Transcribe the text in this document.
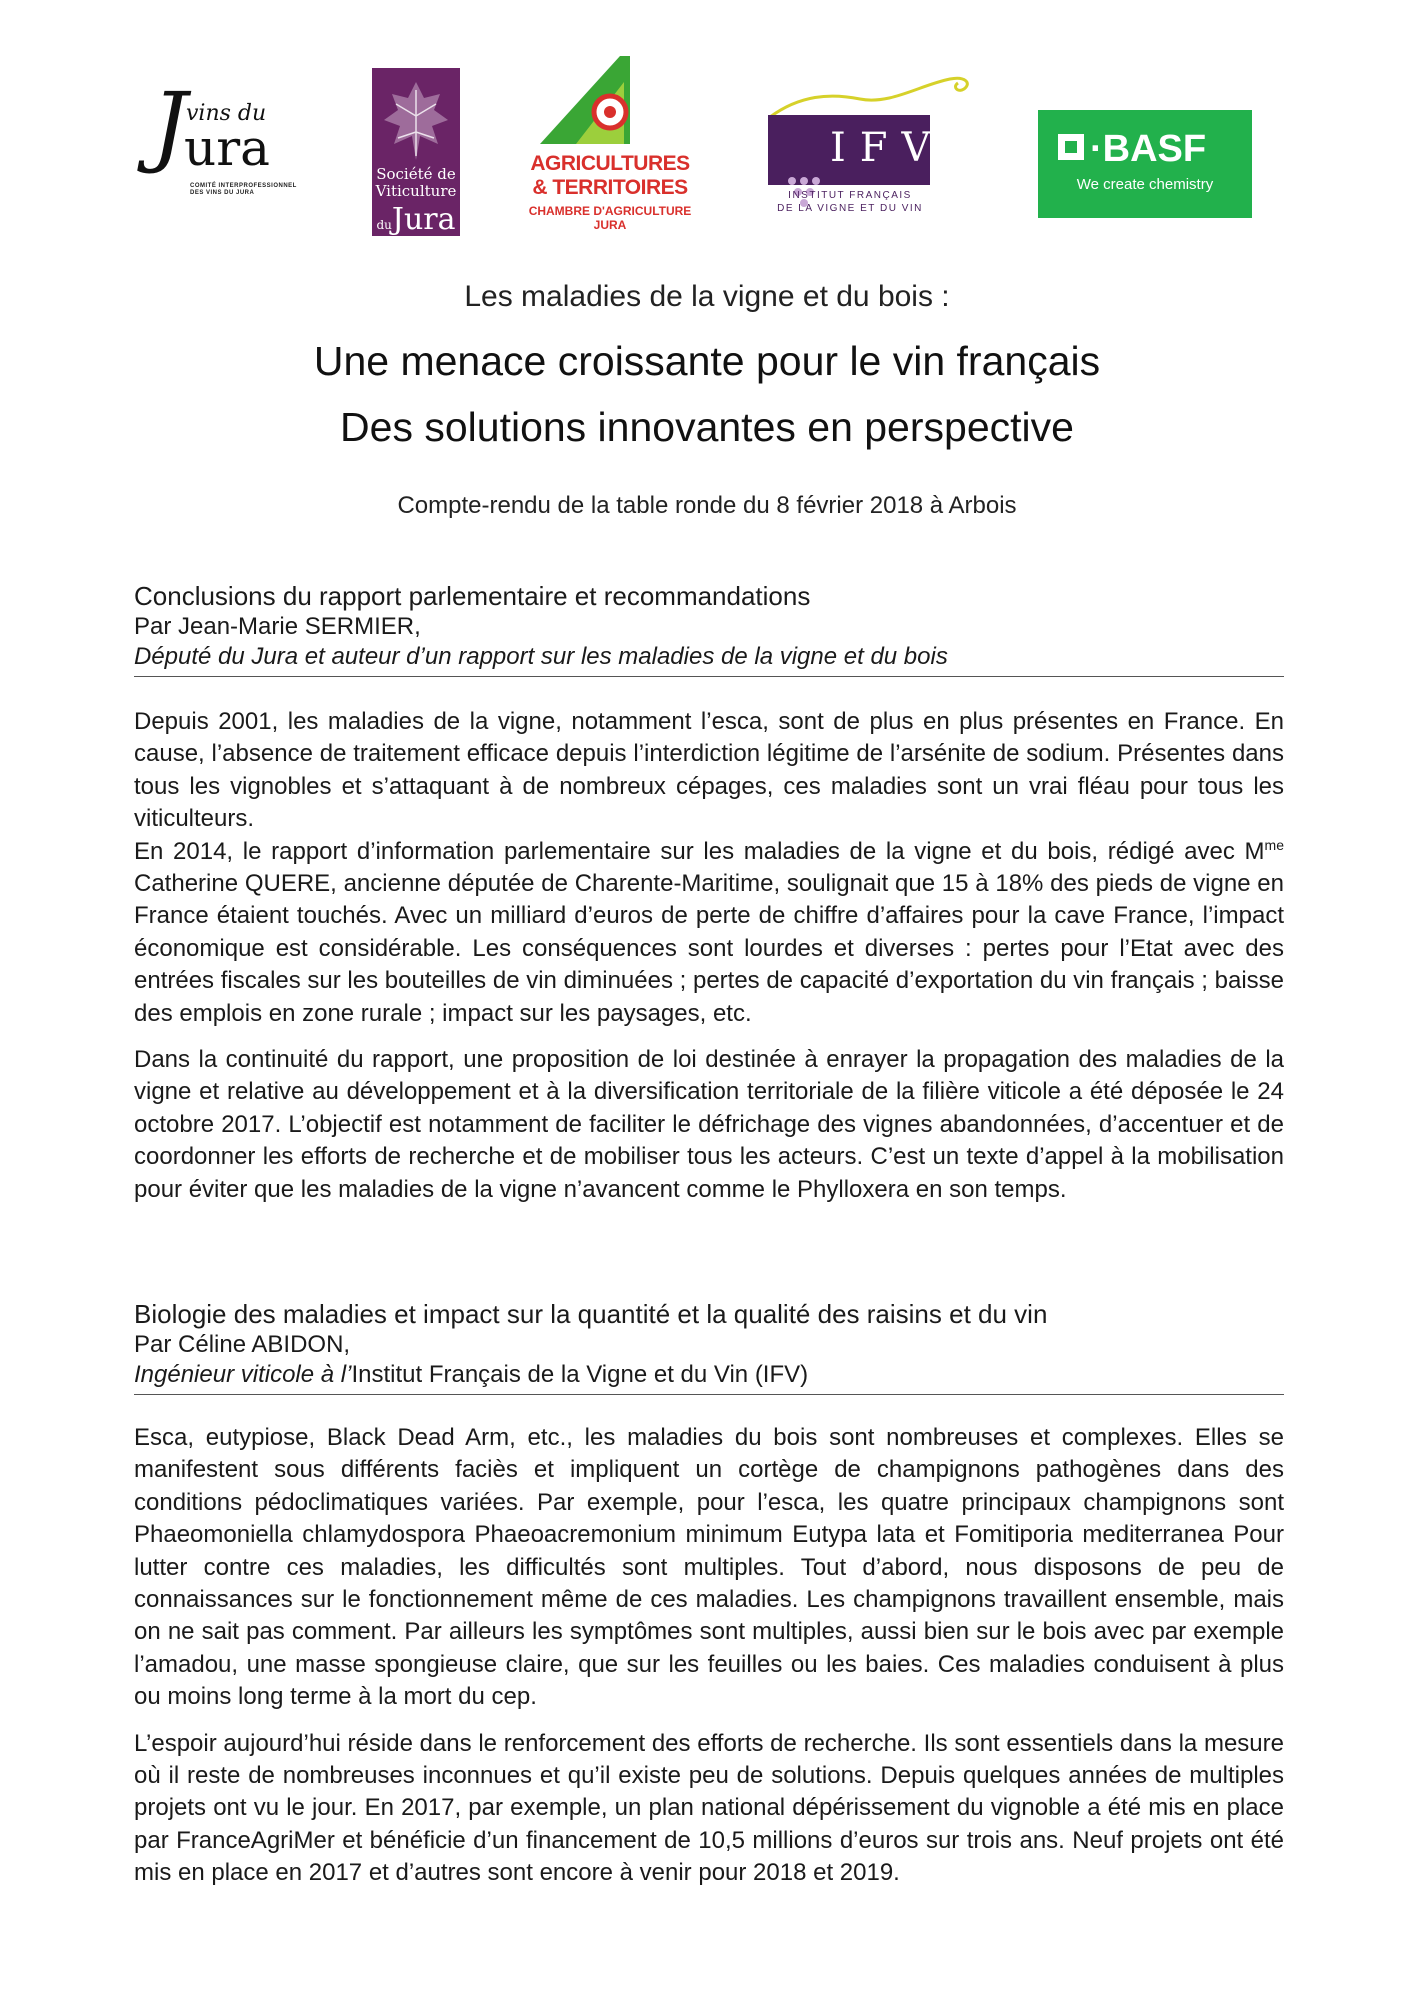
J
vins du
ura
COMITÉ INTERPROFESSIONNEL DES VINS DU JURA
Société de
Viticulture
duJura
AGRICULTURES
& TERRITOIRES
CHAMBRE D'AGRICULTURE
JURA
IFV
INSTITUT FRANÇAIS
DE LA VIGNE ET DU VIN
·BASF
We create chemistry
Les maladies de la vigne et du bois :
Une menace croissante pour le vin français
Des solutions innovantes en perspective
Compte-rendu de la table ronde du 8 février 2018 à Arbois
Conclusions du rapport parlementaire et recommandations
Par Jean-Marie SERMIER,
Député du Jura et auteur d’un rapport sur les maladies de la vigne et du bois

Depuis 2001, les maladies de la vigne, notamment l’esca, sont de plus en plus présentes en France. En cause, l’absence de traitement efficace depuis l’interdiction légitime de l’arsénite de sodium. Présentes dans tous les vignobles et s’attaquant à de nombreux cépages, ces maladies sont un vrai fléau pour tous les viticulteurs.

En 2014, le rapport d’information parlementaire sur les maladies de la vigne et du bois, rédigé avec $M^{me}$ Catherine QUERE, ancienne députée de Charente-Maritime, soulignait que 15 à 18% des pieds de vigne en France étaient touchés. Avec un milliard d’euros de perte de chiffre d’affaires pour la cave France, l’impact économique est considérable. Les conséquences sont lourdes et diverses : pertes pour l’Etat avec des entrées fiscales sur les bouteilles de vin diminuées ; pertes de capacité d’exportation du vin français ; baisse des emplois en zone rurale ; impact sur les paysages, etc.

Dans la continuité du rapport, une proposition de loi destinée à enrayer la propagation des maladies de la vigne et relative au développement et à la diversification territoriale de la filière viticole a été déposée le 24 octobre 2017. L’objectif est notamment de faciliter le défrichage des vignes abandonnées, d’accentuer et de coordonner les efforts de recherche et de mobiliser tous les acteurs. C’est un texte d’appel à la mobilisation pour éviter que les maladies de la vigne n’avancent comme le Phylloxera en son temps.

Biologie des maladies et impact sur la quantité et la qualité des raisins et du vin
Par Céline ABIDON,
Ingénieur viticole à l’Institut Français de la Vigne et du Vin (IFV)

Esca, eutypiose, Black Dead Arm, etc., les maladies du bois sont nombreuses et complexes. Elles se manifestent sous différents faciès et impliquent un cortège de champignons pathogènes dans des conditions pédoclimatiques variées. Par exemple, pour l’esca, les quatre principaux champignons sont Phaeomoniella chlamydospora Phaeoacremonium minimum Eutypa lata et Fomitiporia mediterranea Pour lutter contre ces maladies, les difficultés sont multiples. Tout d’abord, nous disposons de peu de connaissances sur le fonctionnement même de ces maladies. Les champignons travaillent ensemble, mais on ne sait pas comment. Par ailleurs les symptômes sont multiples, aussi bien sur le bois avec par exemple l’amadou, une masse spongieuse claire, que sur les feuilles ou les baies. Ces maladies conduisent à plus ou moins long terme à la mort du cep.

L’espoir aujourd’hui réside dans le renforcement des efforts de recherche. Ils sont essentiels dans la mesure où il reste de nombreuses inconnues et qu’il existe peu de solutions. Depuis quelques années de multiples projets ont vu le jour. En 2017, par exemple, un plan national dépérissement du vignoble a été mis en place par FranceAgriMer et bénéficie d’un financement de 10,5 millions d’euros sur trois ans. Neuf projets ont été mis en place en 2017 et d’autres sont encore à venir pour 2018 et 2019.
